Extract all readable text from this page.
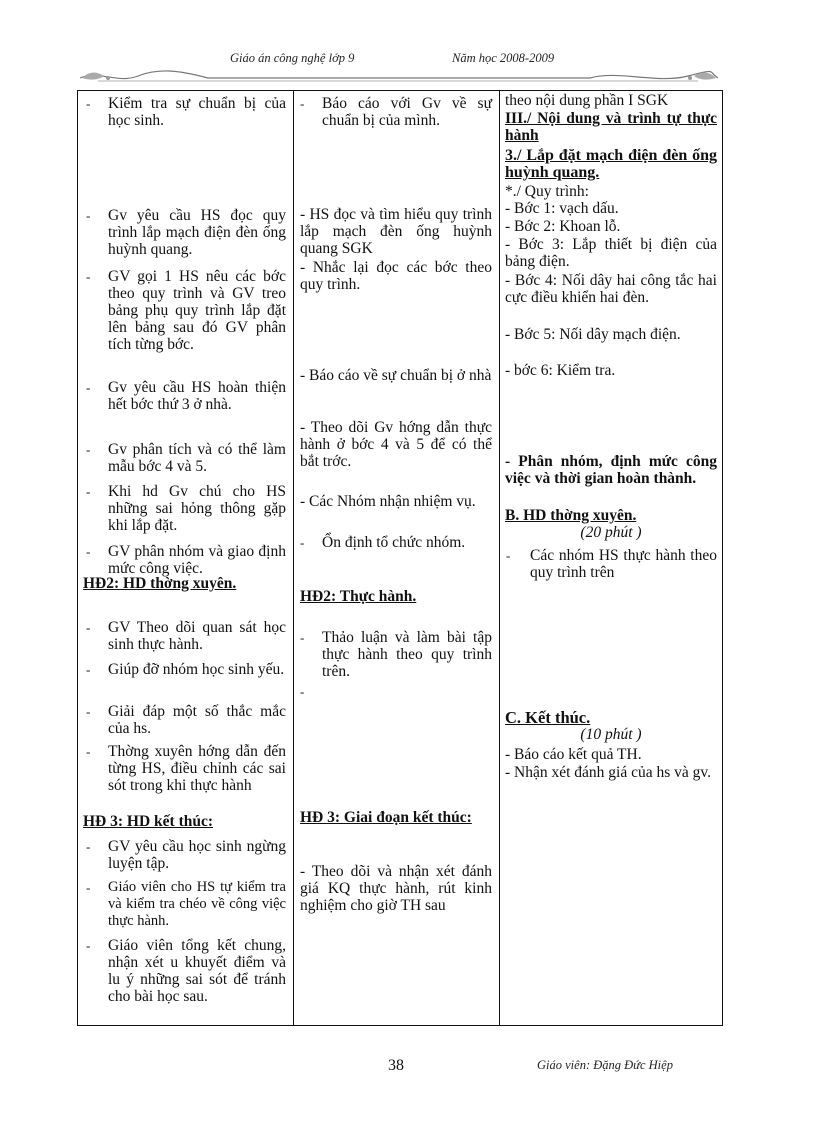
Giáo án công nghệ lớp 9	Năm học 2008-2009
- Kiểm tra sự chuẩn bị của học sinh.
- Gv yêu cầu HS đọc quy trình lắp mạch điện đèn ống huỳnh quang.
- GV gọi 1 HS nêu các bớc theo quy trình và GV treo bảng phụ quy trình lắp đặt lên bảng sau đó GV phân tích từng bớc.
- Gv yêu cầu HS hoàn thiện hết bớc thứ 3 ở nhà.
- Gv phân tích và có thể làm mẫu bớc 4 và 5.
- Khi hd Gv chú cho HS những sai hỏng thông gặp khi lắp đặt.
- GV phân nhóm và giao định mức công việc.
HĐ2: HD thờng xuyên.
- GV Theo dõi quan sát học sinh thực hành.
- Giúp đỡ nhóm học sinh yếu.
- Giải đáp một số thắc mắc của hs.
- Thờng xuyên hớng dẫn đến từng HS, điều chỉnh các sai sót trong khi thực hành
HĐ 3: HD kết thúc:
- GV yêu cầu học sinh ngừng luyện tập.
- Giáo viên cho HS tự kiểm tra và kiểm tra chéo về công việc thực hành.
- Giáo viên tổng kết chung, nhận xét u khuyết điểm và lu ý những sai sót để tránh cho bài học sau.

- Báo cáo với Gv về sự chuẩn bị của mình.
- HS đọc và tìm hiểu quy trình lắp mạch đèn ống huỳnh quang SGK
- Nhắc lại đọc các bớc theo quy trình.
- Báo cáo về sự chuẩn bị ở nhà
- Theo dõi Gv hớng dẫn thực hành ở bớc 4 và 5 để có thể bắt trớc.
- Các Nhóm nhận nhiệm vụ.
- Ổn định tổ chức nhóm.
HĐ2: Thực hành.
- Thảo luận và làm bài tập thực hành theo quy trình trên.
-
HĐ 3: Giai đoạn kết thúc:
- Theo dõi và nhận xét đánh giá KQ thực hành, rút kinh nghiệm cho giờ TH sau

theo nội dung phần I SGK
III./ Nội dung và trình tự thực hành
3./ Lắp đặt mạch điện đèn ống huỳnh quang.
*./ Quy trình:
- Bớc 1: vạch dấu.
- Bớc 2: Khoan lỗ.
- Bớc 3: Lắp thiết bị điện của bảng điện.
- Bớc 4: Nối dây hai công tắc hai cực điều khiển hai đèn.
- Bớc 5: Nối dây mạch điện.
- bớc 6: Kiểm tra.
- Phân nhóm, định mức công việc và thời gian hoàn thành.
B. HD thờng xuyên.
(20 phút )
- Các nhóm HS thực hành theo quy trình trên
C. Kết thúc.
(10 phút )
- Báo cáo kết quả TH.
- Nhận xét đánh giá của hs và gv.
38	Giáo viên: Đặng Đức Hiệp
